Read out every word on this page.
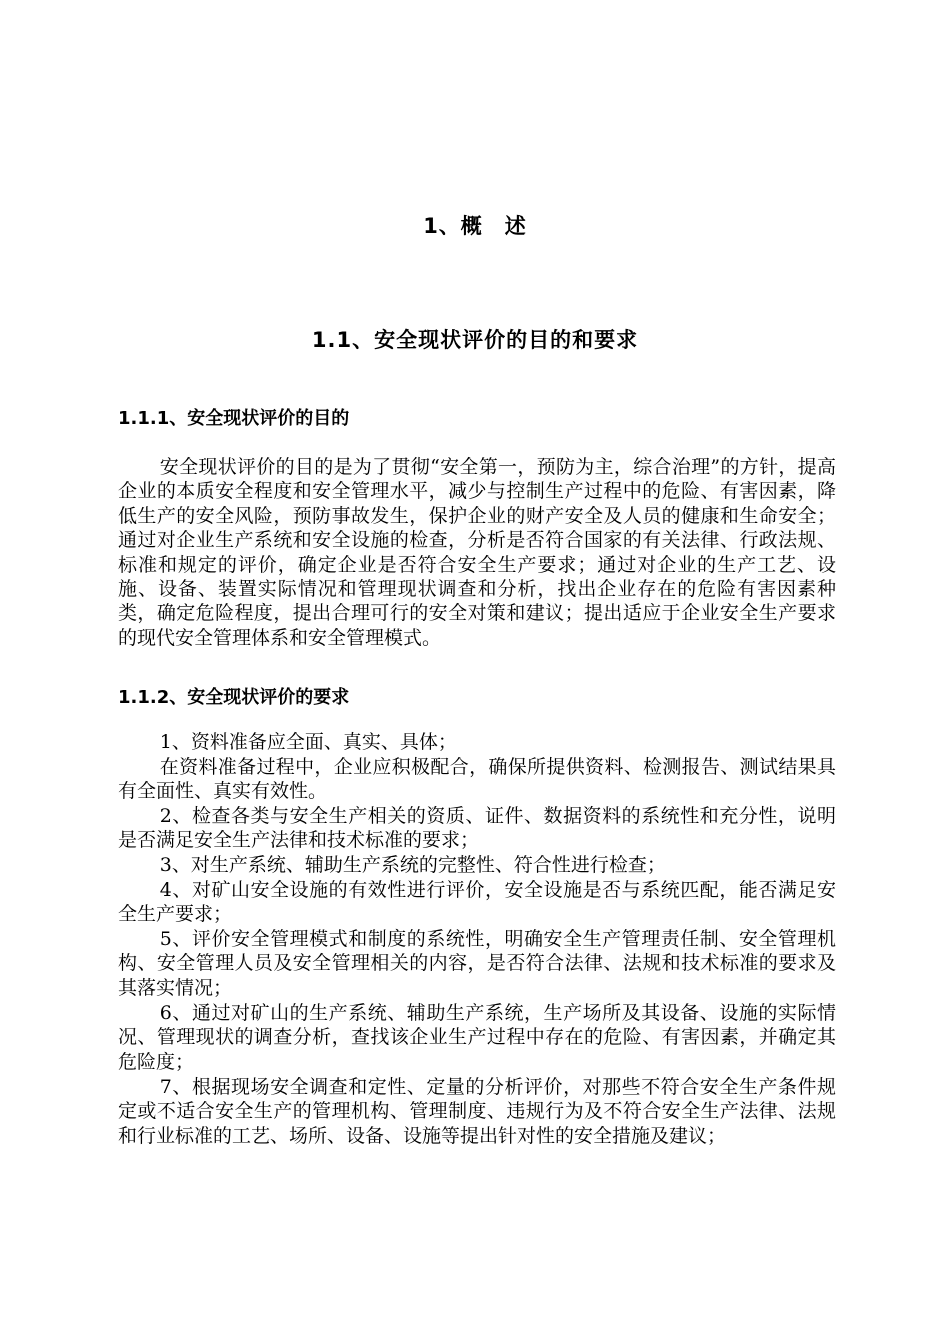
1、概　述
1.1、安全现状评价的目的和要求
1.1.1、安全现状评价的目的

安全现状评价的目的是为了贯彻“安全第一，预防为主，综合治理”的方针，提高企业的本质安全程度和安全管理水平，减少与控制生产过程中的危险、有害因素，降低生产的安全风险，预防事故发生，保护企业的财产安全及人员的健康和生命安全；通过对企业生产系统和安全设施的检查，分析是否符合国家的有关法律、行政法规、标准和规定的评价，确定企业是否符合安全生产要求；通过对企业的生产工艺、设施、设备、装置实际情况和管理现状调查和分析，找出企业存在的危险有害因素种类，确定危险程度，提出合理可行的安全对策和建议；提出适应于企业安全生产要求的现代安全管理体系和安全管理模式。

1.1.2、安全现状评价的要求

1、资料准备应全面、真实、具体；

在资料准备过程中，企业应积极配合，确保所提供资料、检测报告、测试结果具有全面性、真实有效性。

2、检查各类与安全生产相关的资质、证件、数据资料的系统性和充分性，说明是否满足安全生产法律和技术标准的要求；

3、对生产系统、辅助生产系统的完整性、符合性进行检查；

4、对矿山安全设施的有效性进行评价，安全设施是否与系统匹配，能否满足安全生产要求；

5、评价安全管理模式和制度的系统性，明确安全生产管理责任制、安全管理机构、安全管理人员及安全管理相关的内容，是否符合法律、法规和技术标准的要求及其落实情况；

6、通过对矿山的生产系统、辅助生产系统，生产场所及其设备、设施的实际情况、管理现状的调查分析，查找该企业生产过程中存在的危险、有害因素，并确定其危险度；

7、根据现场安全调查和定性、定量的分析评价，对那些不符合安全生产条件规定或不适合安全生产的管理机构、管理制度、违规行为及不符合安全生产法律、法规和行业标准的工艺、场所、设备、设施等提出针对性的安全措施及建议；
